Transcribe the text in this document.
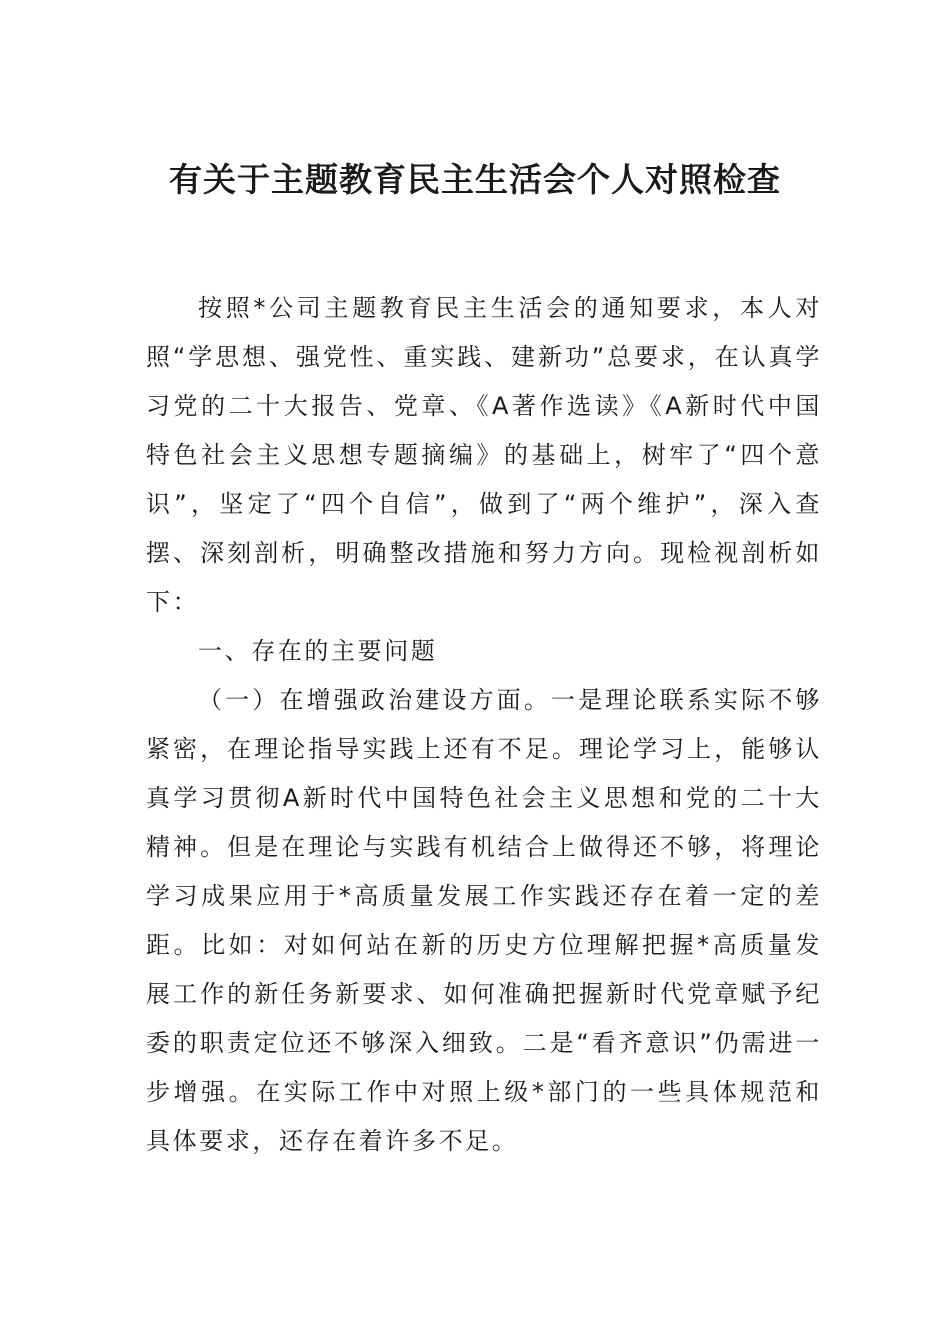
有关于主题教育民主生活会个人对照检查

按照*公司主题教育民主生活会的通知要求，本人对照“学思想、强党性、重实践、建新功”总要求，在认真学习党的二十大报告、党章、《A著作选读》《A新时代中国特色社会主义思想专题摘编》的基础上，树牢了“四个意识”，坚定了“四个自信”，做到了“两个维护”，深入查摆、深刻剖析，明确整改措施和努力方向。现检视剖析如下：

一、存在的主要问题

（一）在增强政治建设方面。一是理论联系实际不够紧密，在理论指导实践上还有不足。理论学习上，能够认真学习贯彻A新时代中国特色社会主义思想和党的二十大精神。但是在理论与实践有机结合上做得还不够，将理论学习成果应用于*高质量发展工作实践还存在着一定的差距。比如：对如何站在新的历史方位理解把握*高质量发展工作的新任务新要求、如何准确把握新时代党章赋予纪委的职责定位还不够深入细致。二是“看齐意识”仍需进一步增强。在实际工作中对照上级*部门的一些具体规范和具体要求，还存在着许多不足。
